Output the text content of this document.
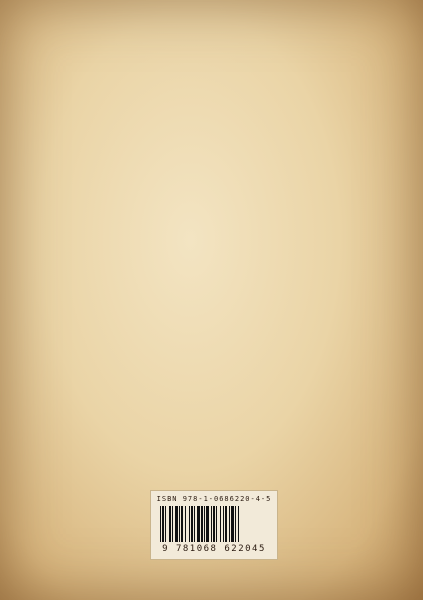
ISBN 978-1-0686220-4-5
9 781068 622045
